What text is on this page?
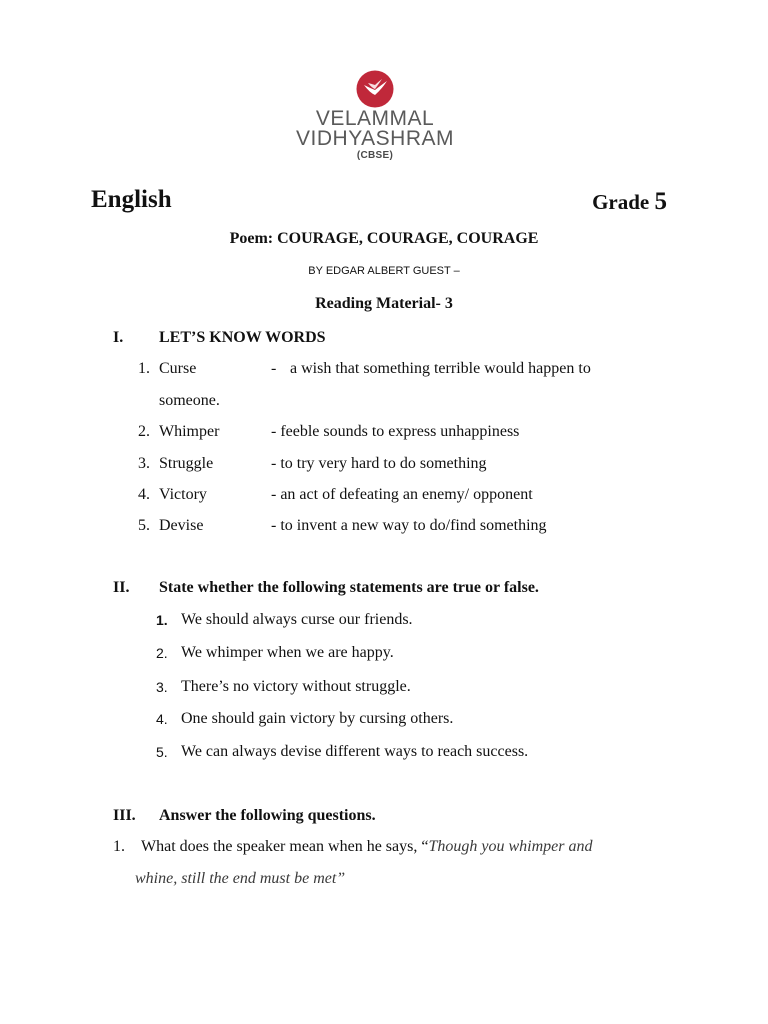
VELAMMAL
VIDHYASHRAM
(CBSE)
English	Grade 5
Poem: COURAGE, COURAGE, COURAGE
BY EDGAR ALBERT GUEST –
Reading Material- 3
I. LET’S KNOW WORDS
1. Curse	- a wish that something terrible would happen to
someone.
2. Whimper	- feeble sounds to express unhappiness
3. Struggle	- to try very hard to do something
4. Victory	- an act of defeating an enemy/ opponent
5. Devise	- to invent a new way to do/find something
II. State whether the following statements are true or false.
1. We should always curse our friends.
2. We whimper when we are happy.
3. There’s no victory without struggle.
4. One should gain victory by cursing others.
5. We can always devise different ways to reach success.
III. Answer the following questions.
1. What does the speaker mean when he says, “Though you whimper and
whine, still the end must be met”
